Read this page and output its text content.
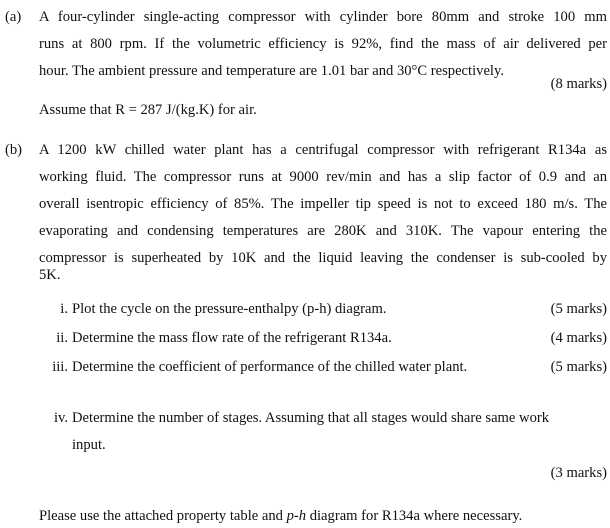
(a)	A four-cylinder single-acting compressor with cylinder bore 80mm and stroke 100 mm
runs at 800 rpm. If the volumetric efficiency is 92%, find the mass of air delivered per
hour. The ambient pressure and temperature are 1.01 bar and 30°C respectively.
(8 marks)
Assume that R = 287 J/(kg.K) for air.
(b)	A 1200 kW chilled water plant has a centrifugal compressor with refrigerant R134a as
working fluid. The compressor runs at 9000 rev/min and has a slip factor of 0.9 and an
overall isentropic efficiency of 85%. The impeller tip speed is not to exceed 180 m/s. The
evaporating and condensing temperatures are 280K and 310K. The vapour entering the
compressor is superheated by 10K and the liquid leaving the condenser is sub-cooled by
5K.
i. Plot the cycle on the pressure-enthalpy (p-h) diagram.	(5 marks)
ii. Determine the mass flow rate of the refrigerant R134a.	(4 marks)
iii. Determine the coefficient of performance of the chilled water plant.	(5 marks)
iv. Determine the number of stages. Assuming that all stages would share same work
input.
(3 marks)
Please use the attached property table and p-h diagram for R134a where necessary.
